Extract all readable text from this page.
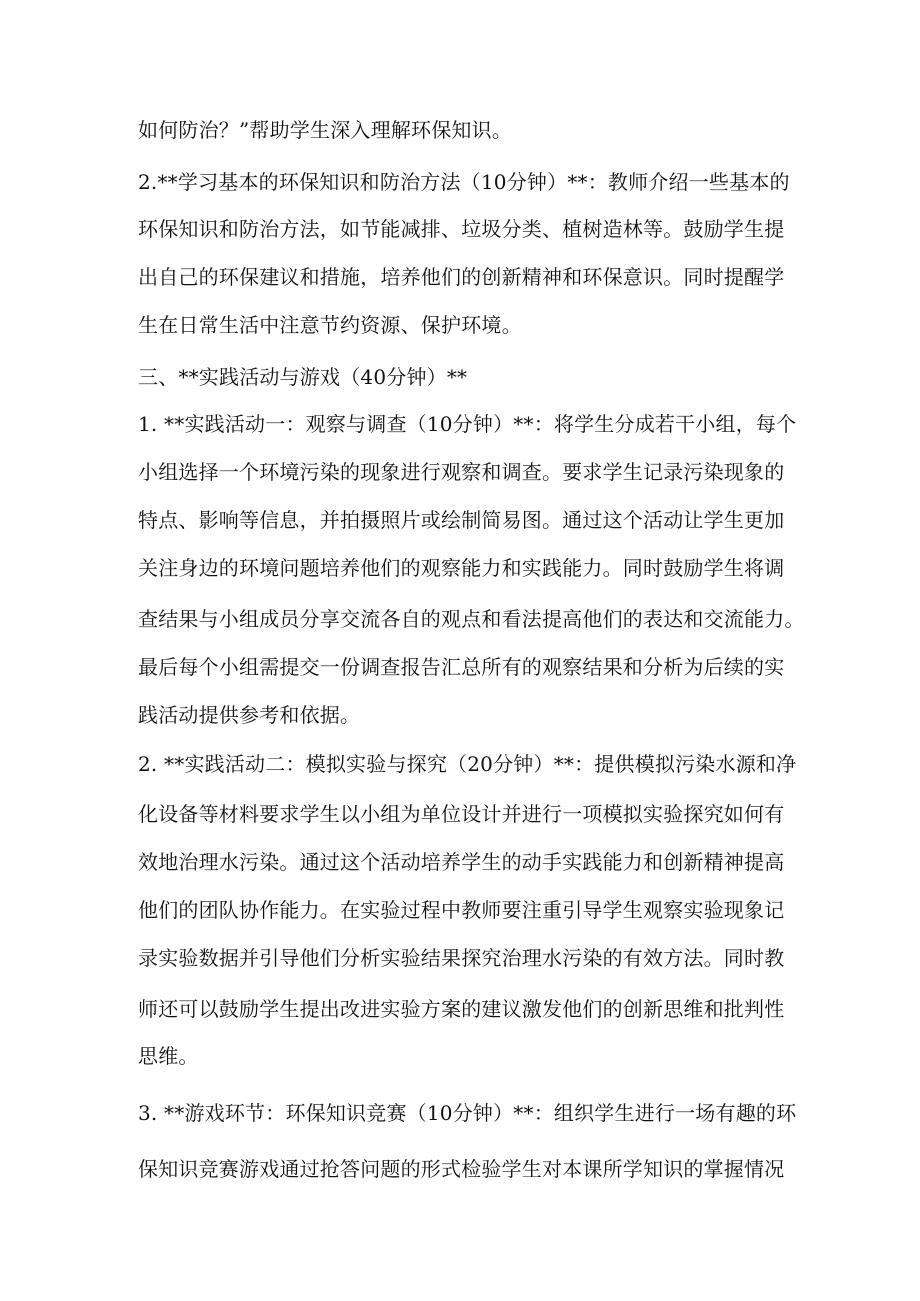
如何防治？”帮助学生深入理解环保知识。
2.**学习基本的环保知识和防治方法（10分钟）**：教师介绍一些基本的
环保知识和防治方法，如节能减排、垃圾分类、植树造林等。鼓励学生提
出自己的环保建议和措施，培养他们的创新精神和环保意识。同时提醒学
生在日常生活中注意节约资源、保护环境。
三、**实践活动与游戏（40分钟）**
1. **实践活动一：观察与调查（10分钟）**：将学生分成若干小组，每个
小组选择一个环境污染的现象进行观察和调查。要求学生记录污染现象的
特点、影响等信息，并拍摄照片或绘制简易图。通过这个活动让学生更加
关注身边的环境问题培养他们的观察能力和实践能力。同时鼓励学生将调
查结果与小组成员分享交流各自的观点和看法提高他们的表达和交流能力。
最后每个小组需提交一份调查报告汇总所有的观察结果和分析为后续的实
践活动提供参考和依据。
2. **实践活动二：模拟实验与探究（20分钟）**：提供模拟污染水源和净
化设备等材料要求学生以小组为单位设计并进行一项模拟实验探究如何有
效地治理水污染。通过这个活动培养学生的动手实践能力和创新精神提高
他们的团队协作能力。在实验过程中教师要注重引导学生观察实验现象记
录实验数据并引导他们分析实验结果探究治理水污染的有效方法。同时教
师还可以鼓励学生提出改进实验方案的建议激发他们的创新思维和批判性
思维。
3. **游戏环节：环保知识竞赛（10分钟）**：组织学生进行一场有趣的环
保知识竞赛游戏通过抢答问题的形式检验学生对本课所学知识的掌握情况
